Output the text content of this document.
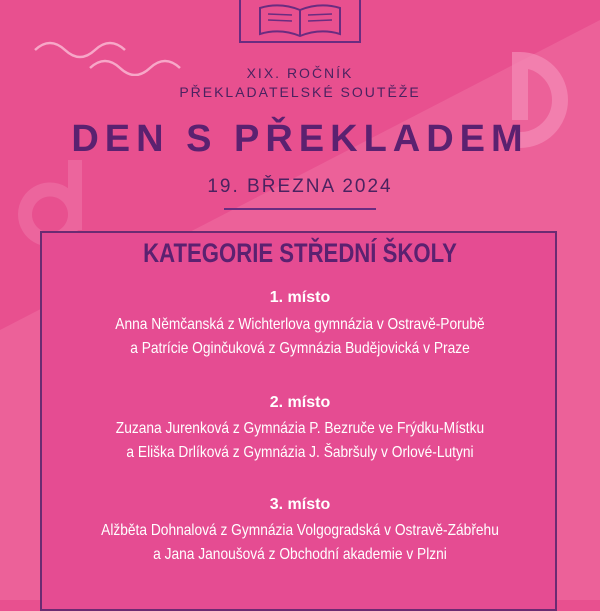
XIX. ROČNÍK
PŘEKLADATELSKÉ SOUTĚŽE
DEN S PŘEKLADEM
19. BŘEZNA 2024
KATEGORIE STŘEDNÍ ŠKOLY
1. místo
Anna Němčanská z Wichterlova gymnázia v Ostravě-Porubě
a Patrície Oginčuková z Gymnázia Budějovická v Praze
2. místo
Zuzana Jurenková z Gymnázia P. Bezruče ve Frýdku-Místku
a Eliška Drlíková z Gymnázia J. Šabršuly v Orlové-Lutyni
3. místo
Alžběta Dohnalová z Gymnázia Volgogradská v Ostravě-Zábřehu
a Jana Janoušová z Obchodní akademie v Plzni
